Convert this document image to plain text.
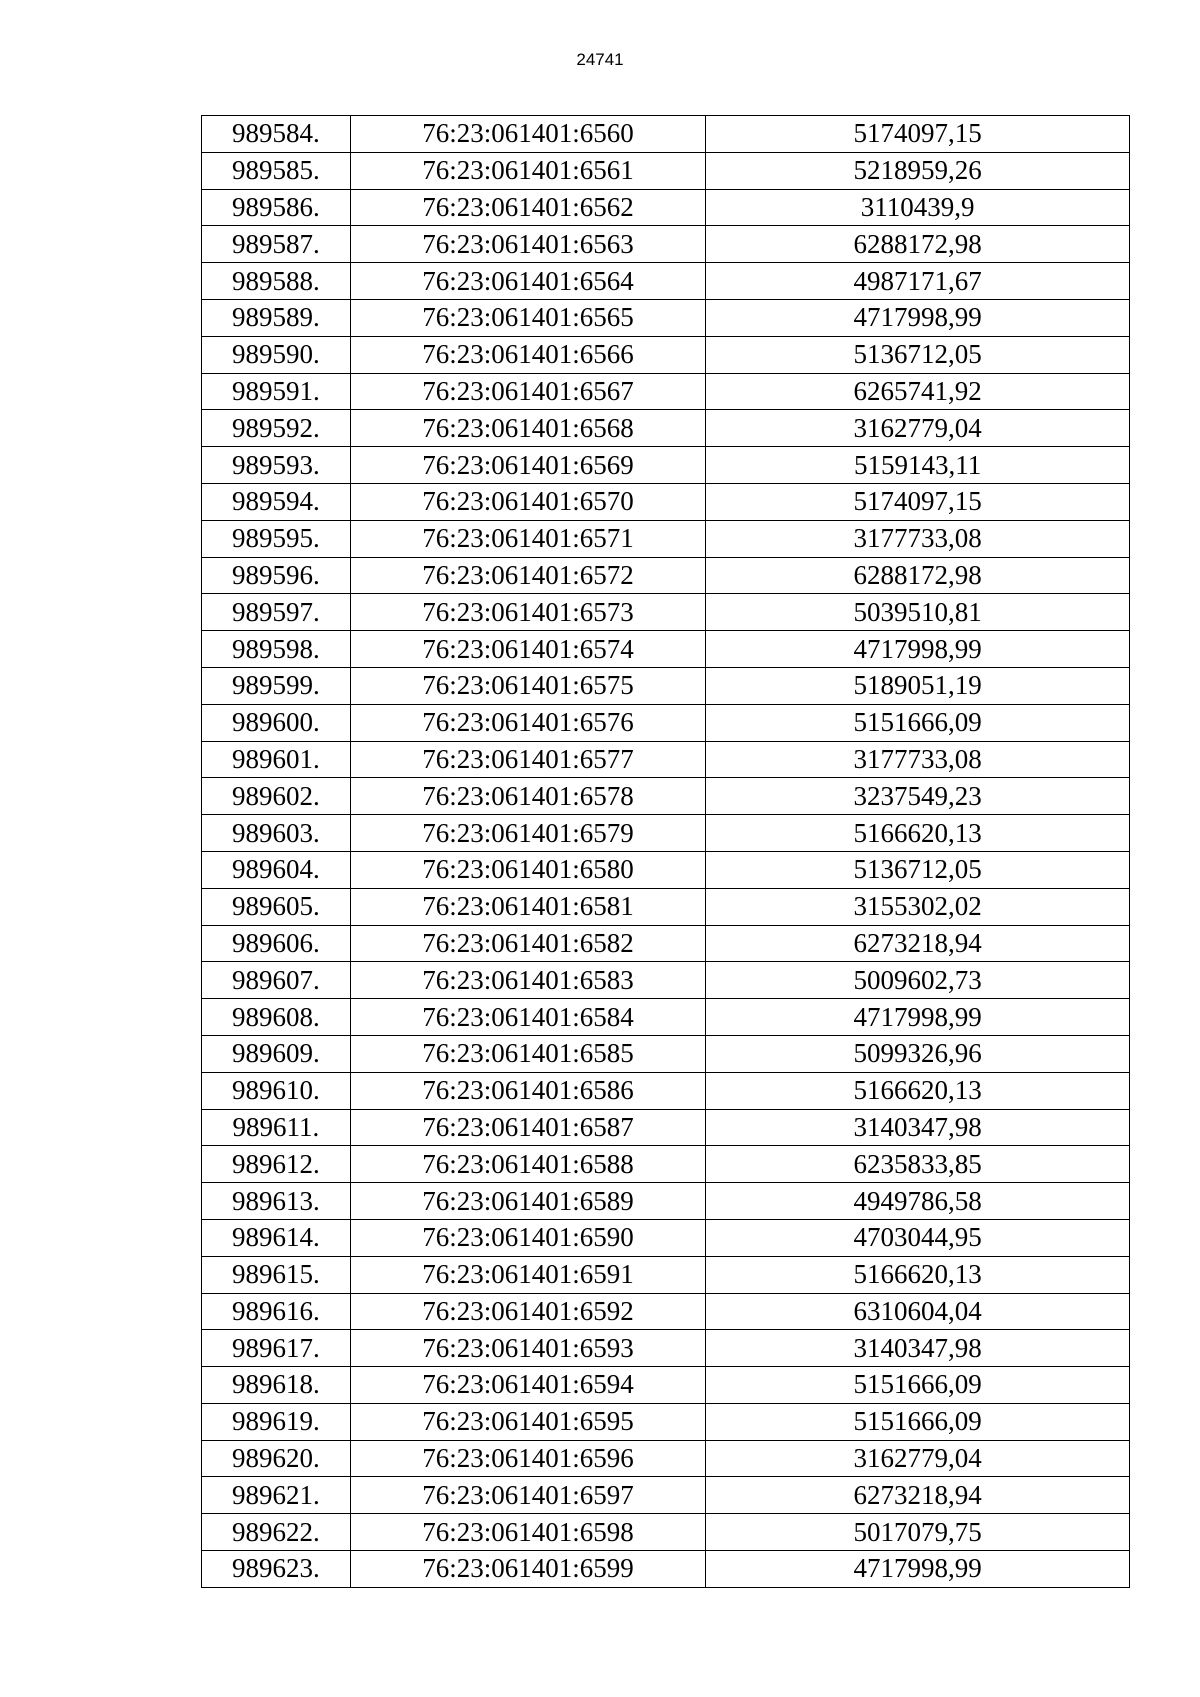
24741
989584.	76:23:061401:6560	5174097,15
989585.	76:23:061401:6561	5218959,26
989586.	76:23:061401:6562	3110439,9
989587.	76:23:061401:6563	6288172,98
989588.	76:23:061401:6564	4987171,67
989589.	76:23:061401:6565	4717998,99
989590.	76:23:061401:6566	5136712,05
989591.	76:23:061401:6567	6265741,92
989592.	76:23:061401:6568	3162779,04
989593.	76:23:061401:6569	5159143,11
989594.	76:23:061401:6570	5174097,15
989595.	76:23:061401:6571	3177733,08
989596.	76:23:061401:6572	6288172,98
989597.	76:23:061401:6573	5039510,81
989598.	76:23:061401:6574	4717998,99
989599.	76:23:061401:6575	5189051,19
989600.	76:23:061401:6576	5151666,09
989601.	76:23:061401:6577	3177733,08
989602.	76:23:061401:6578	3237549,23
989603.	76:23:061401:6579	5166620,13
989604.	76:23:061401:6580	5136712,05
989605.	76:23:061401:6581	3155302,02
989606.	76:23:061401:6582	6273218,94
989607.	76:23:061401:6583	5009602,73
989608.	76:23:061401:6584	4717998,99
989609.	76:23:061401:6585	5099326,96
989610.	76:23:061401:6586	5166620,13
989611.	76:23:061401:6587	3140347,98
989612.	76:23:061401:6588	6235833,85
989613.	76:23:061401:6589	4949786,58
989614.	76:23:061401:6590	4703044,95
989615.	76:23:061401:6591	5166620,13
989616.	76:23:061401:6592	6310604,04
989617.	76:23:061401:6593	3140347,98
989618.	76:23:061401:6594	5151666,09
989619.	76:23:061401:6595	5151666,09
989620.	76:23:061401:6596	3162779,04
989621.	76:23:061401:6597	6273218,94
989622.	76:23:061401:6598	5017079,75
989623.	76:23:061401:6599	4717998,99
